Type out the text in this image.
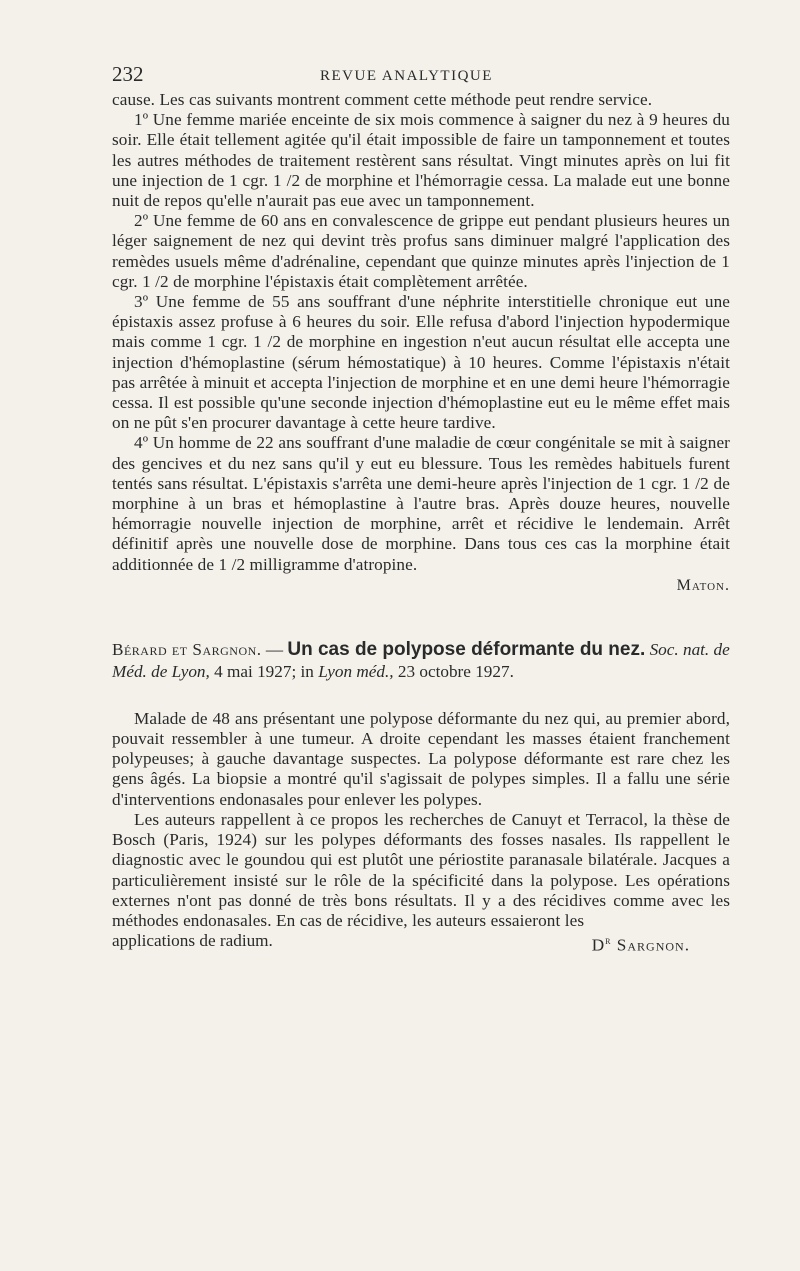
232	REVUE ANALYTIQUE

cause. Les cas suivants montrent comment cette méthode peut rendre service.

1º Une femme mariée enceinte de six mois commence à saigner du nez à 9 heures du soir. Elle était tellement agitée qu'il était impossible de faire un tamponnement et toutes les autres méthodes de traitement restèrent sans résultat. Vingt minutes après on lui fit une injection de 1 cgr. 1 /2 de morphine et l'hémorragie cessa. La malade eut une bonne nuit de repos qu'elle n'aurait pas eue avec un tamponnement.

2º Une femme de 60 ans en convalescence de grippe eut pendant plusieurs heures un léger saignement de nez qui devint très profus sans diminuer malgré l'application des remèdes usuels même d'adrénaline, cependant que quinze minutes après l'injection de 1 cgr. 1 /2 de morphine l'épistaxis était complètement arrêtée.

3º Une femme de 55 ans souffrant d'une néphrite interstitielle chronique eut une épistaxis assez profuse à 6 heures du soir. Elle refusa d'abord l'injection hypodermique mais comme 1 cgr. 1 /2 de morphine en ingestion n'eut aucun résultat elle accepta une injection d'hémoplastine (sérum hémostatique) à 10 heures. Comme l'épistaxis n'était pas arrêtée à minuit et accepta l'injection de morphine et en une demi heure l'hémorragie cessa. Il est possible qu'une seconde injection d'hémoplastine eut eu le même effet mais on ne pût s'en procurer davantage à cette heure tardive.

4º Un homme de 22 ans souffrant d'une maladie de cœur congénitale se mit à saigner des gencives et du nez sans qu'il y eut eu blessure. Tous les remèdes habituels furent tentés sans résultat. L'épistaxis s'arrêta une demi-heure après l'injection de 1 cgr. 1 /2 de morphine à un bras et hémoplastine à l'autre bras. Après douze heures, nouvelle hémorragie nouvelle injection de morphine, arrêt et récidive le lendemain. Arrêt définitif après une nouvelle dose de morphine. Dans tous ces cas la morphine était additionnée de 1 /2 milligramme d'atropine.

Maton.
Bérard et Sargnon. — Un cas de polypose déformante du nez. Soc. nat. de Méd. de Lyon, 4 mai 1927; in Lyon méd., 23 octobre 1927.

Malade de 48 ans présentant une polypose déformante du nez qui, au premier abord, pouvait ressembler à une tumeur. A droite cependant les masses étaient franchement polypeuses; à gauche davantage suspectes. La polypose déformante est rare chez les gens âgés. La biopsie a montré qu'il s'agissait de polypes simples. Il a fallu une série d'interventions endonasales pour enlever les polypes.

Les auteurs rappellent à ce propos les recherches de Canuyt et Terracol, la thèse de Bosch (Paris, 1924) sur les polypes déformants des fosses nasales. Ils rappellent le diagnostic avec le goundou qui est plutôt une périostite paranasale bilatérale. Jacques a particulièrement insisté sur le rôle de la spécificité dans la polypose. Les opérations externes n'ont pas donné de très bons résultats. Il y a des récidives comme avec les méthodes endonasales. En cas de récidive, les auteurs essaieront les

applications de radium.	$D^r$ Sargnon.
